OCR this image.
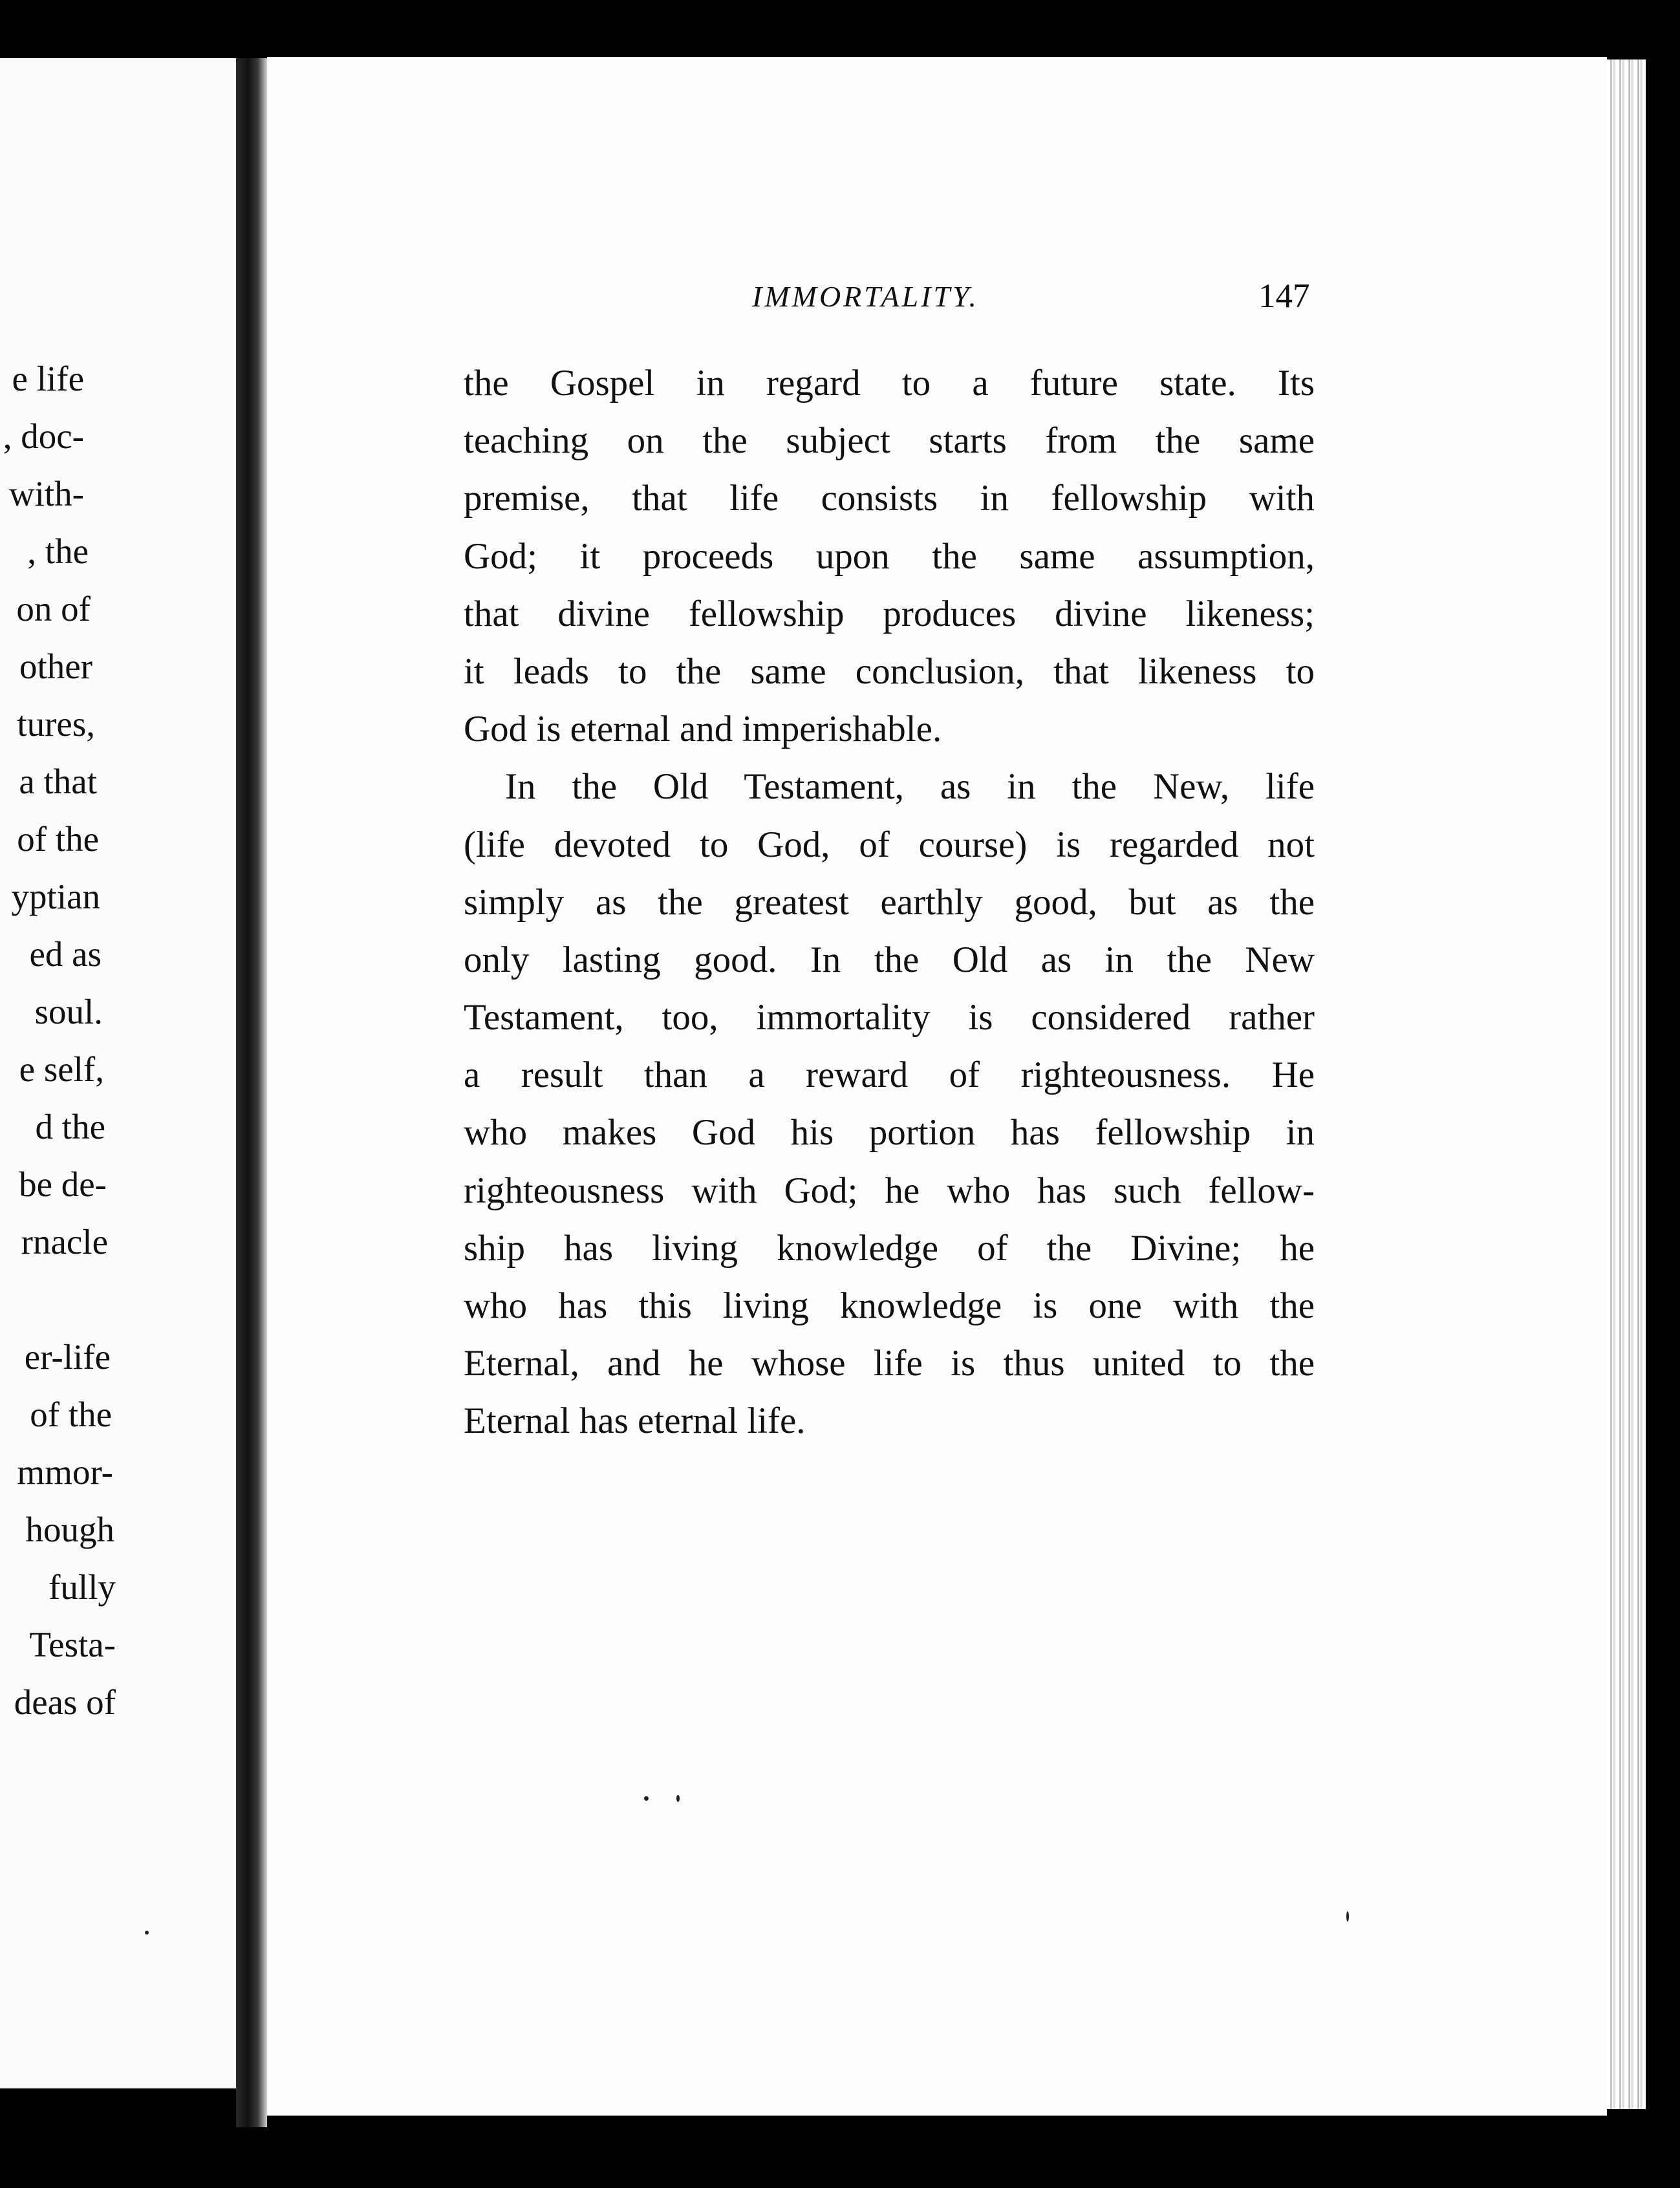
e life
, doc-
with-
, the
on of
other
tures,
a that
of the
yptian
ed as
soul.
e self,
d the
be de-
rnacle
er-life
of the
mmor-
hough
fully
Testa-
deas of
IMMORTALITY.	147
the Gospel in regard to a future state. Its
teaching on the subject starts from the same
premise, that life consists in fellowship with
God; it proceeds upon the same assumption,
that divine fellowship produces divine likeness;
it leads to the same conclusion, that likeness to
God is eternal and imperishable.
In the Old Testament, as in the New, life
(life devoted to God, of course) is regarded not
simply as the greatest earthly good, but as the
only lasting good. In the Old as in the New
Testament, too, immortality is considered rather
a result than a reward of righteousness. He
who makes God his portion has fellowship in
righteousness with God; he who has such fellow-
ship has living knowledge of the Divine; he
who has this living knowledge is one with the
Eternal, and he whose life is thus united to the
Eternal has eternal life.
